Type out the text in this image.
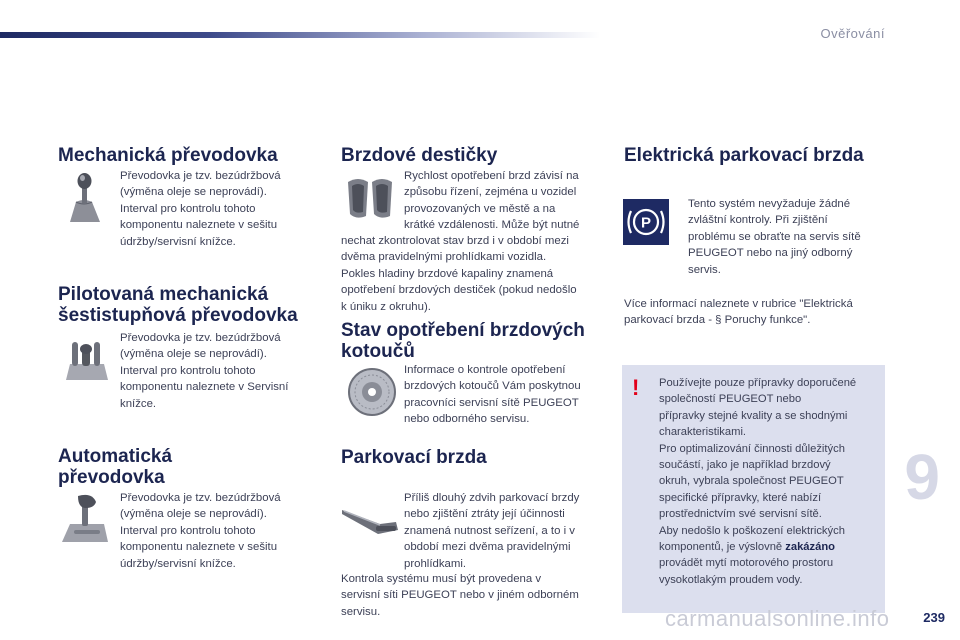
Ověřování
Mechanická převodovka
Převodovka je tzv. bezúdržbová
(výměna oleje se neprovádí).
Interval pro kontrolu tohoto
komponentu naleznete v sešitu
údržby/servisní knížce.
Pilotovaná mechanická
šestistupňová převodovka
Převodovka je tzv. bezúdržbová
(výměna oleje se neprovádí).
Interval pro kontrolu tohoto
komponentu naleznete v Servisní
knížce.
Automatická
převodovka
Převodovka je tzv. bezúdržbová
(výměna oleje se neprovádí).
Interval pro kontrolu tohoto
komponentu naleznete v sešitu
údržby/servisní knížce.
Brzdové destičky
Rychlost opotřebení brzd závisí na
způsobu řízení, zejména u vozidel
provozovaných ve městě a na
krátké vzdálenosti. Může být nutné
nechat zkontrolovat stav brzd i v období mezi
dvěma pravidelnými prohlídkami vozidla.
Pokles hladiny brzdové kapaliny znamená
opotřebení brzdových destiček (pokud nedošlo
k úniku z okruhu).
Stav opotřebení brzdových
kotoučů
Informace o kontrole opotřebení
brzdových kotoučů Vám poskytnou
pracovníci servisní sítě PEUGEOT
nebo odborného servisu.
Parkovací brzda
Příliš dlouhý zdvih parkovací brzdy
nebo zjištění ztráty její účinnosti
znamená nutnost seřízení, a to i v
období mezi dvěma pravidelnými
prohlídkami.
Kontrola systému musí být provedena v
servisní síti PEUGEOT nebo v jiném odborném
servisu.
Elektrická parkovací brzda
P
Tento systém nevyžaduje žádné
zvláštní kontroly. Při zjištění
problému se obraťte na servis sítě
PEUGEOT nebo na jiný odborný
servis.
Více informací naleznete v rubrice "Elektrická
parkovací brzda - § Poruchy funkce".
! Používejte pouze přípravky doporučené
společností PEUGEOT nebo
přípravky stejné kvality a se shodnými
charakteristikami.
Pro optimalizování činnosti důležitých
součástí, jako je například brzdový
okruh, vybrala společnost PEUGEOT
specifické přípravky, které nabízí
prostřednictvím své servisní sítě.
Aby nedošlo k poškození elektrických
komponentů, je výslovně zakázáno
provádět mytí motorového prostoru
vysokotlakým proudem vody.
9
carmanualsonline.info	239
